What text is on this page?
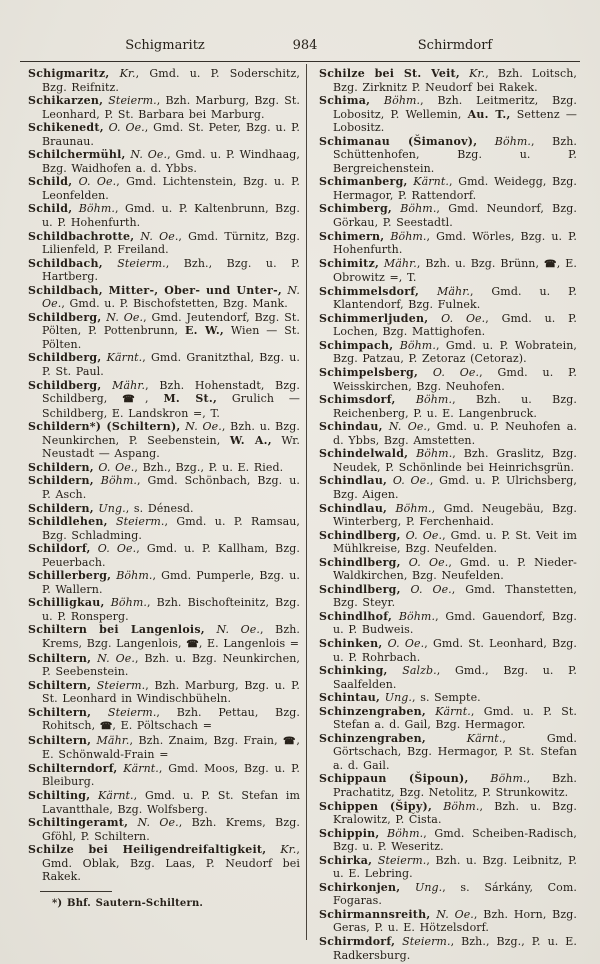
Schigmaritz	984	Schirmdorf

Schigmaritz, Kr., Gmd. u. P. Soderschitz, Bzg. Reifnitz.

Schikarzen, Steierm., Bzh. Marburg, Bzg. St. Leonhard, P. St. Barbara bei Marburg.

Schikenedt, O. Oe., Gmd. St. Peter, Bzg. u. P. Braunau.

Schilchermühl, N. Oe., Gmd. u. P. Windhaag, Bzg. Waidhofen a. d. Ybbs.

Schild, O. Oe., Gmd. Lichtenstein, Bzg. u. P. Leonfelden.

Schild, Böhm., Gmd. u. P. Kaltenbrunn, Bzg. u. P. Hohenfurth.

Schildbachrotte, N. Oe., Gmd. Türnitz, Bzg. Lilienfeld, P. Freiland.

Schildbach, Steierm., Bzh., Bzg. u. P. Hartberg.

Schildbach, Mitter-, Ober- und Unter-, N. Oe., Gmd. u. P. Bischofstetten, Bzg. Mank.

Schildberg, N. Oe., Gmd. Jeutendorf, Bzg. St. Pölten, P. Pottenbrunn, E. W., Wien — St. Pölten.

Schildberg, Kärnt., Gmd. Granitzthal, Bzg. u. P. St. Paul.

Schildberg, Mähr., Bzh. Hohenstadt, Bzg. Schildberg, ☎, M. St., Grulich — Schildberg, E. Landskron =, T.

Schildern*) (Schiltern), N. Oe., Bzh. u. Bzg. Neunkirchen, P. Seebenstein, W. A., Wr. Neustadt — Aspang.

Schildern, O. Oe., Bzh., Bzg., P. u. E. Ried.

Schildern, Böhm., Gmd. Schönbach, Bzg. u. P. Asch.

Schildern, Ung., s. Dénesd.

Schildlehen, Steierm., Gmd. u. P. Ramsau, Bzg. Schladming.

Schildorf, O. Oe., Gmd. u. P. Kallham, Bzg. Peuerbach.

Schillerberg, Böhm., Gmd. Pumperle, Bzg. u. P. Wallern.

Schilligkau, Böhm., Bzh. Bischofteinitz, Bzg. u. P. Ronsperg.

Schiltern bei Langenlois, N. Oe., Bzh. Krems, Bzg. Langenlois, ☎, E. Langenlois =

Schiltern, N. Oe., Bzh. u. Bzg. Neunkirchen, P. Seebenstein.

Schiltern, Steierm., Bzh. Marburg, Bzg. u. P. St. Leonhard in Windischbüheln.

Schiltern, Steierm., Bzh. Pettau, Bzg. Rohitsch, ☎, E. Pöltschach =

Schiltern, Mähr., Bzh. Znaim, Bzg. Frain, ☎, E. Schönwald-Frain =

Schilterndorf, Kärnt., Gmd. Moos, Bzg. u. P. Bleiburg.

Schilting, Kärnt., Gmd. u. P. St. Stefan im Lavantthale, Bzg. Wolfsberg.

Schiltingeramt, N. Oe., Bzh. Krems, Bzg. Gföhl, P. Schiltern.

Schilze bei Heiligendreifaltigkeit, Kr., Gmd. Oblak, Bzg. Laas, P. Neudorf bei Rakek.

*) Bhf. Sautern-Schiltern.

Schilze bei St. Veit, Kr., Bzh. Loitsch, Bzg. Zirknitz P. Neudorf bei Rakek.

Schima, Böhm., Bzh. Leitmeritz, Bzg. Lobositz, P. Wellemin, Au. T., Settenz — Lobositz.

Schimanau (Šimanov), Böhm., Bzh. Schüttenhofen, Bzg. u. P. Bergreichenstein.

Schimanberg, Kärnt., Gmd. Weidegg, Bzg. Hermagor, P. Rattendorf.

Schimberg, Böhm., Gmd. Neundorf, Bzg. Görkau, P. Seestadtl.

Schimern, Böhm., Gmd. Wörles, Bzg. u. P. Hohenfurth.

Schimitz, Mähr., Bzh. u. Bzg. Brünn, ☎, E. Obrowitz =, T.

Schimmelsdorf, Mähr., Gmd. u. P. Klantendorf, Bzg. Fulnek.

Schimmerljuden, O. Oe., Gmd. u. P. Lochen, Bzg. Mattighofen.

Schimpach, Böhm., Gmd. u. P. Wobratein, Bzg. Patzau, P. Zetoraz (Cetoraz).

Schimpelsberg, O. Oe., Gmd. u. P. Weisskirchen, Bzg. Neuhofen.

Schimsdorf, Böhm., Bzh. u. Bzg. Reichenberg, P. u. E. Langenbruck.

Schindau, N. Oe., Gmd. u. P. Neuhofen a. d. Ybbs, Bzg. Amstetten.

Schindelwald, Böhm., Bzh. Graslitz, Bzg. Neudek, P. Schönlinde bei Heinrichsgrün.

Schindlau, O. Oe., Gmd. u. P. Ulrichsberg, Bzg. Aigen.

Schindlau, Böhm., Gmd. Neugebäu, Bzg. Winterberg, P. Ferchenhaid.

Schindlberg, O. Oe., Gmd. u. P. St. Veit im Mühlkreise, Bzg. Neufelden.

Schindlberg, O. Oe., Gmd. u. P. Nieder-Waldkirchen, Bzg. Neufelden.

Schindlberg, O. Oe., Gmd. Thanstetten, Bzg. Steyr.

Schindlhof, Böhm., Gmd. Gauendorf, Bzg. u. P. Budweis.

Schinken, O. Oe., Gmd. St. Leonhard, Bzg. u. P. Rohrbach.

Schinking, Salzb., Gmd., Bzg. u. P. Saalfelden.

Schintau, Ung., s. Sempte.

Schinzengraben, Kärnt., Gmd. u. P. St. Stefan a. d. Gail, Bzg. Hermagor.

Schinzengraben, Kärnt., Gmd. Görtschach, Bzg. Hermagor, P. St. Stefan a. d. Gail.

Schippaun (Šipoun), Böhm., Bzh. Prachatitz, Bzg. Netolitz, P. Strunkowitz.

Schippen (Šipy), Böhm., Bzh. u. Bzg. Kralowitz, P. Čista.

Schippin, Böhm., Gmd. Scheiben-Radisch, Bzg. u. P. Weseritz.

Schirka, Steierm., Bzh. u. Bzg. Leibnitz, P. u. E. Lebring.

Schirkonjen, Ung., s. Sárkány, Com. Fogaras.

Schirmannsreith, N. Oe., Bzh. Horn, Bzg. Geras, P. u. E. Hötzelsdorf.

Schirmdorf, Steierm., Bzh., Bzg., P. u. E. Radkersburg.
